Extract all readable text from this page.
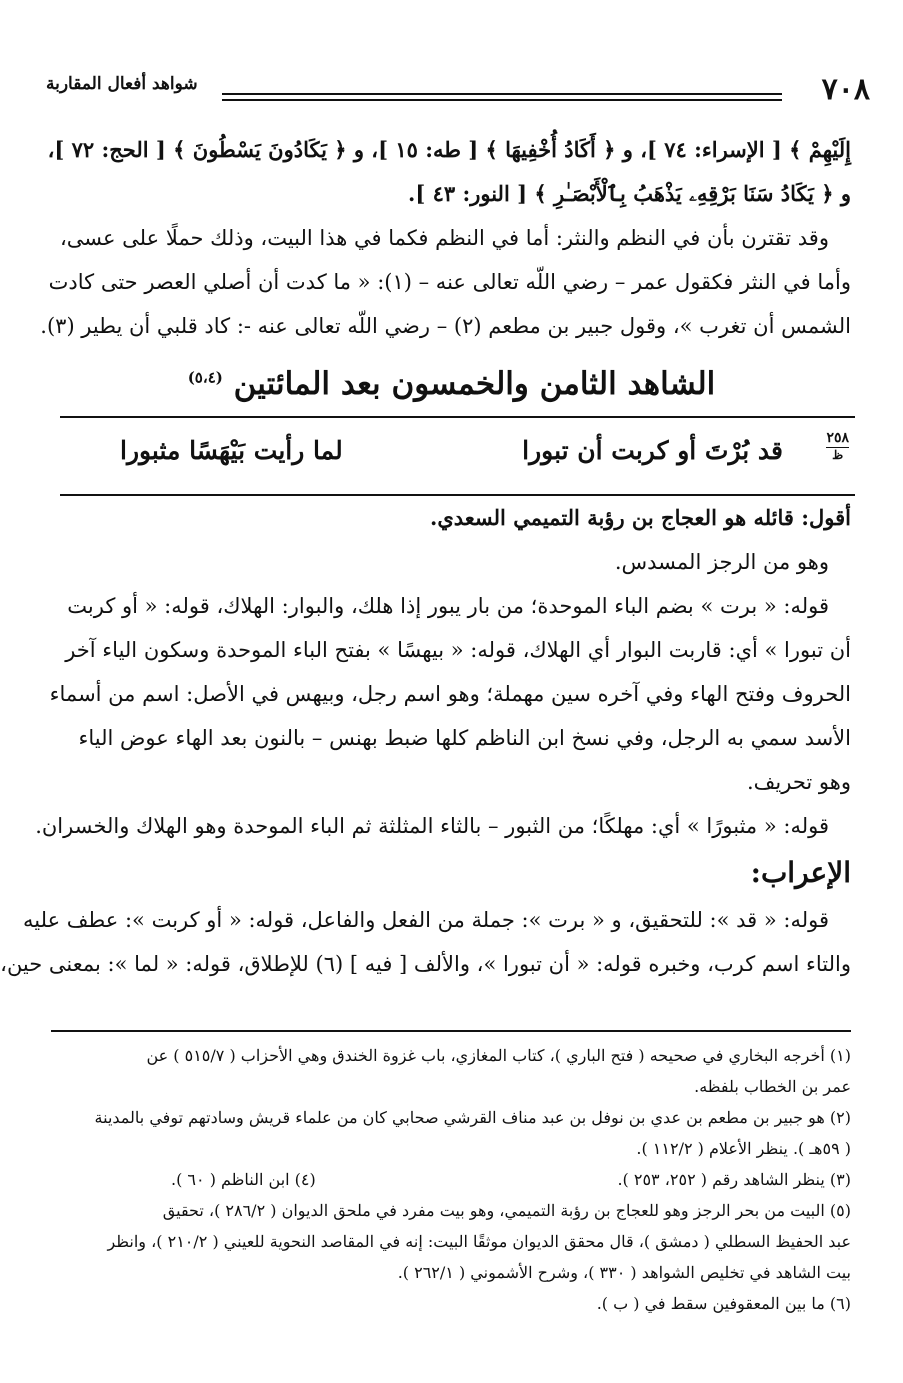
٧٠٨
شواهد أفعال المقاربة
إِلَيْهِمْ ﴾ [ الإسراء: ٧٤ ]، و ﴿ أَكَادُ أُخْفِيهَا ﴾ [ طه: ١٥ ]، و ﴿ يَكَادُونَ يَسْطُونَ ﴾ [ الحج: ٧٢ ]،
و ﴿ يَكَادُ سَنَا بَرْقِهِۦ يَذْهَبُ بِٱلْأَبْصَـٰرِ ﴾ [ النور: ٤٣ ].
وقد تقترن بأن في النظم والنثر: أما في النظم فكما في هذا البيت، وذلك حملًا على عسى،
وأما في النثر فكقول عمر – رضي اللّه تعالى عنه – (١): « ما كدت أن أصلي العصر حتى كادت
الشمس أن تغرب »، وقول جبير بن مطعم (٢) – رضي اللّه تعالى عنه -: كاد قلبي أن يطير (٣).
الشاهد الثامن والخمسون بعد المائتين $^{(٥،٤)}$
٢٥٨
ظ
قد بُرْتَ أو كربت أن تبورا
لما رأيت بَيْهَسًا مثبورا
أقول: قائله هو العجاج بن رؤبة التميمي السعدي.
وهو من الرجز المسدس.
قوله: « برت » بضم الباء الموحدة؛ من بار يبور إذا هلك، والبوار: الهلاك، قوله: « أو كربت
أن تبورا » أي: قاربت البوار أي الهلاك، قوله: « بيهسًا » بفتح الباء الموحدة وسكون الياء آخر
الحروف وفتح الهاء وفي آخره سين مهملة؛ وهو اسم رجل، وبيهس في الأصل: اسم من أسماء
الأسد سمي به الرجل، وفي نسخ ابن الناظم كلها ضبط بهنس – بالنون بعد الهاء عوض الياء
وهو تحريف.
قوله: « مثبورًا » أي: مهلكًا؛ من الثبور – بالثاء المثلثة ثم الباء الموحدة وهو الهلاك والخسران.
الإعراب:
قوله: « قد »: للتحقيق، و « برت »: جملة من الفعل والفاعل، قوله: « أو كربت »: عطف عليه
والتاء اسم كرب، وخبره قوله: « أن تبورا »، والألف [ فيه ] (٦) للإطلاق، قوله: « لما »: بمعنى حين،
(١) أخرجه البخاري في صحيحه ( فتح الباري )، كتاب المغازي، باب غزوة الخندق وهي الأحزاب ( ٥١٥/٧ ) عن
عمر بن الخطاب بلفظه.
(٢) هو جبير بن مطعم بن عدي بن نوفل بن عبد مناف القرشي صحابي كان من علماء قريش وسادتهم توفي بالمدينة
( ٥٩هـ ). ينظر الأعلام ( ١١٢/٢ ).
(٣) ينظر الشاهد رقم ( ٢٥٢، ٢٥٣ ).
(٤) ابن الناظم ( ٦٠ ).
(٥) البيت من بحر الرجز وهو للعجاج بن رؤبة التميمي، وهو بيت مفرد في ملحق الديوان ( ٢٨٦/٢ )، تحقيق
عبد الحفيظ السطلي ( دمشق )، قال محقق الديوان موثقًا البيت: إنه في المقاصد النحوية للعيني ( ٢١٠/٢ )، وانظر
بيت الشاهد في تخليص الشواهد ( ٣٣٠ )، وشرح الأشموني ( ٢٦٢/١ ).
(٦) ما بين المعقوفين سقط في ( ب ).
